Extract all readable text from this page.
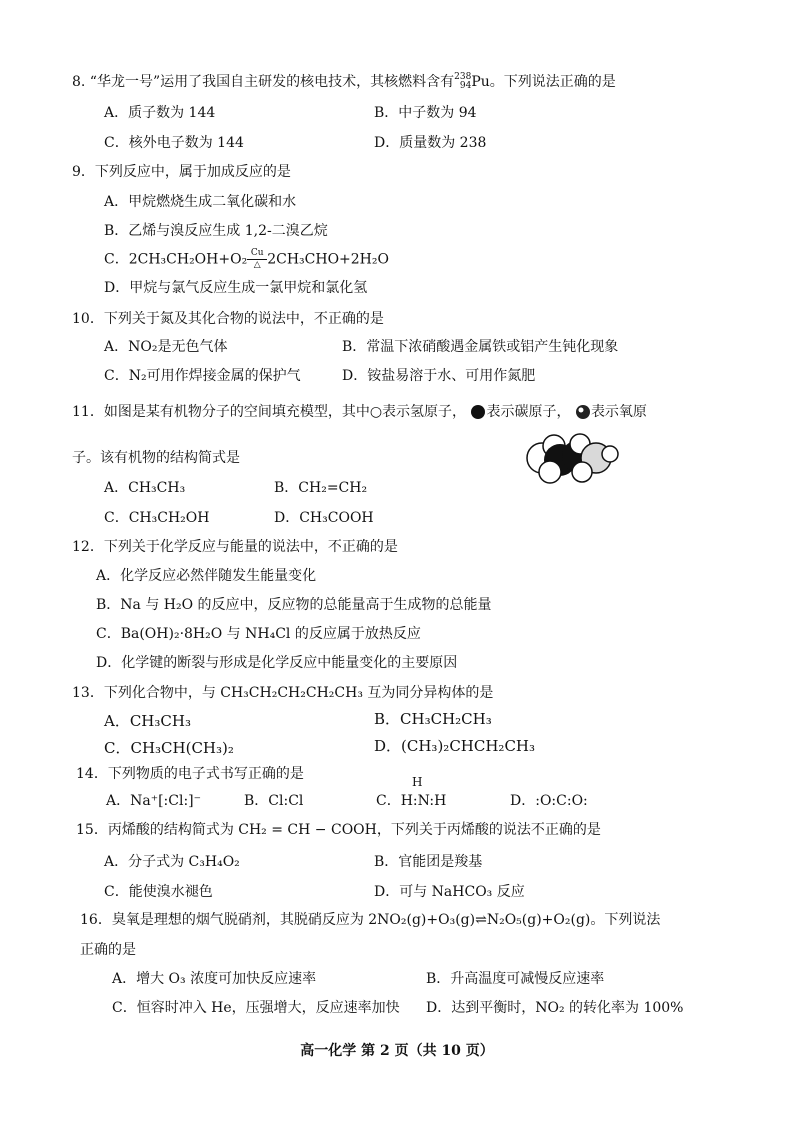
8. “华龙一号”运用了我国自主研发的核电技术，其核燃料含有 238
94 Pu。下列说法正确的是
A．质子数为 144	B．中子数为 94
C．核外电子数为 144	D．质量数为 238
9．下列反应中，属于加成反应的是
A．甲烷燃烧生成二氧化碳和水
B．乙烯与溴反应生成 1,2-二溴乙烷
C．2CH₃CH₂OH+O₂ Cu
△ 2CH₃CHO+2H₂O
D．甲烷与氯气反应生成一氯甲烷和氯化氢
10．下列关于氮及其化合物的说法中，不正确的是
A．NO₂是无色气体	B．常温下浓硝酸遇金属铁或铝产生钝化现象
C．N₂可用作焊接金属的保护气	D．铵盐易溶于水、可用作氮肥
11．如图是某有机物分子的空间填充模型，其中○表示氢原子， 表示碳原子， 表示氧原
子。该有机物的结构简式是
A．CH₃CH₃	B．CH₂=CH₂
C．CH₃CH₂OH	D．CH₃COOH
12．下列关于化学反应与能量的说法中，不正确的是
A．化学反应必然伴随发生能量变化
B．Na 与 H₂O 的反应中，反应物的总能量高于生成物的总能量
C．Ba(OH)₂·8H₂O 与 NH₄Cl 的反应属于放热反应
D．化学键的断裂与形成是化学反应中能量变化的主要原因
13．下列化合物中，与 CH₃CH₂CH₂CH₂CH₃ 互为同分异构体的是
A．CH₃CH₃	B．CH₃CH₂CH₃
C．CH₃CH(CH₃)₂	D．(CH₃)₂CHCH₂CH₃
14．下列物质的电子式书写正确的是
A．Na⁺[:Cl:]⁻	B．Cl:Cl
H
C．H:N:H	D．:O:C:O:
15．丙烯酸的结构简式为 CH₂ = CH − COOH，下列关于丙烯酸的说法不正确的是
A．分子式为 C₃H₄O₂	B．官能团是羧基
C．能使溴水褪色	D．可与 NaHCO₃ 反应
16．臭氧是理想的烟气脱硝剂，其脱硝反应为 2NO₂(g)+O₃(g)⇌N₂O₅(g)+O₂(g)。下列说法
正确的是
A．增大 O₃ 浓度可加快反应速率	B．升高温度可减慢反应速率
C．恒容时冲入 He，压强增大，反应速率加快 D．达到平衡时，NO₂ 的转化率为 100%
高一化学 第 2 页（共 10 页）
